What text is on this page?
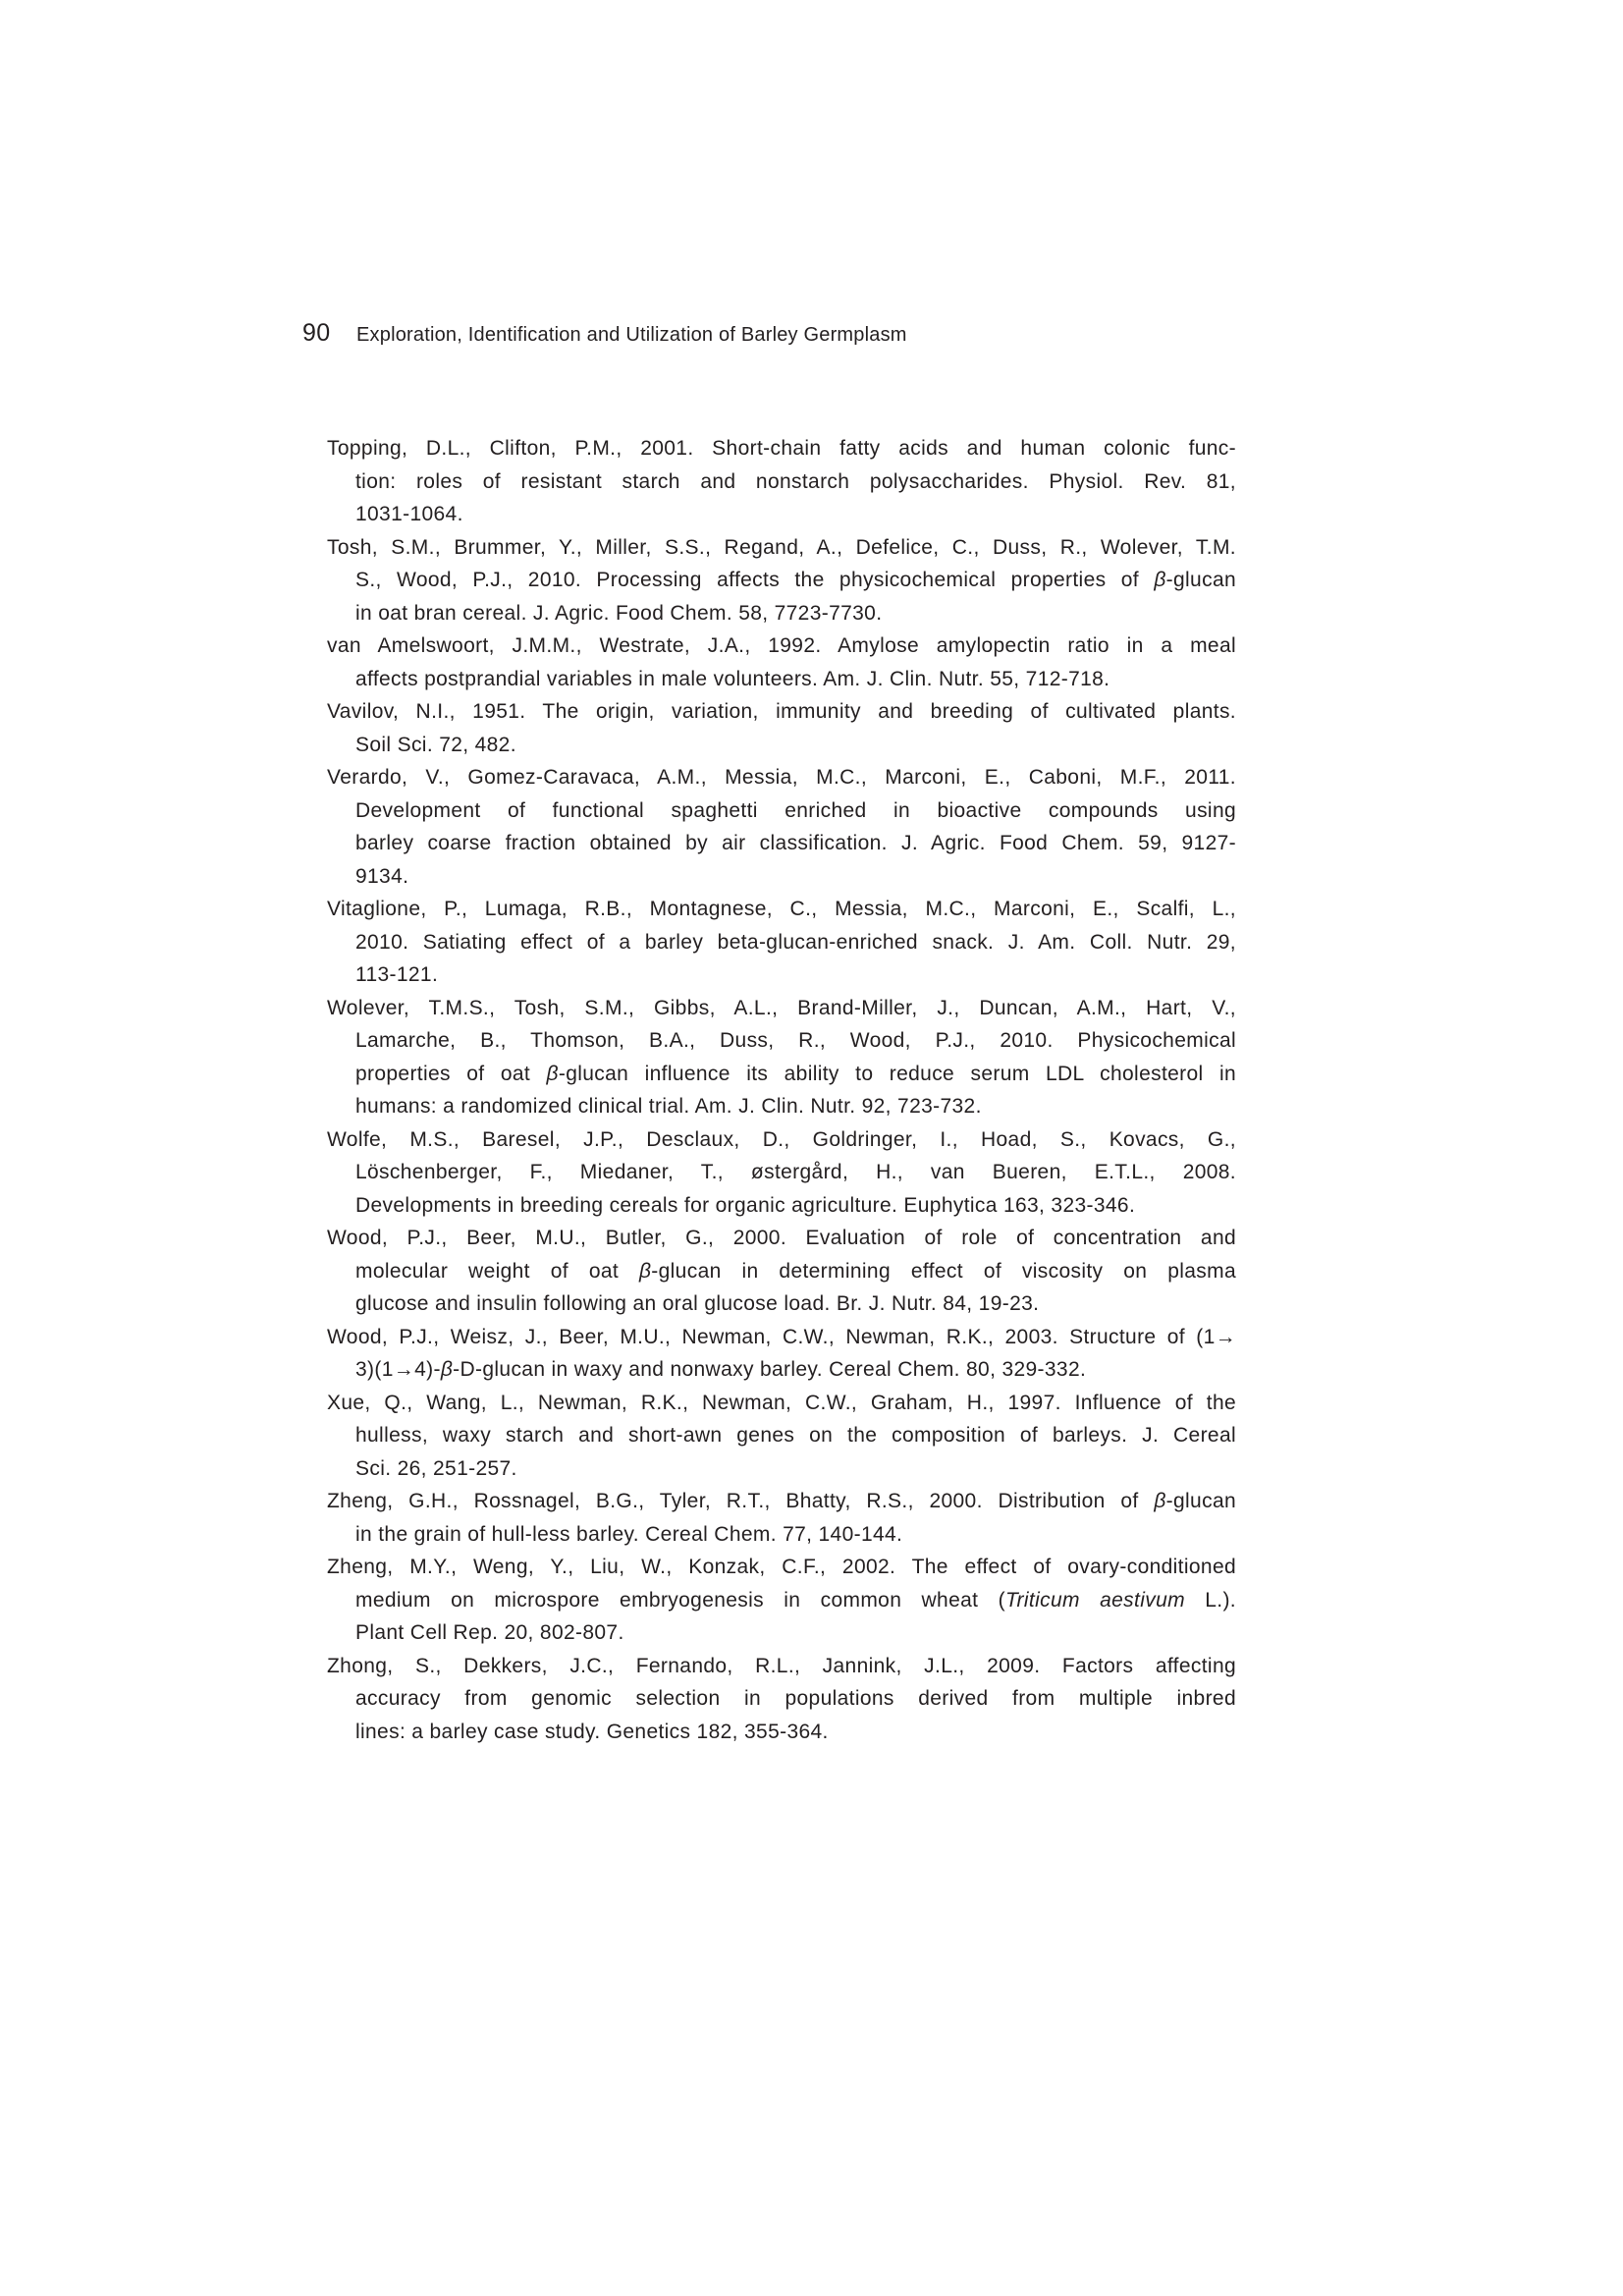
90	Exploration, Identification and Utilization of Barley Germplasm
Topping, D.L., Clifton, P.M., 2001. Short-chain fatty acids and human colonic func-
tion: roles of resistant starch and nonstarch polysaccharides. Physiol. Rev. 81,
1031-1064.
Tosh, S.M., Brummer, Y., Miller, S.S., Regand, A., Defelice, C., Duss, R., Wolever, T.M.
S., Wood, P.J., 2010. Processing affects the physicochemical properties of β-glucan
in oat bran cereal. J. Agric. Food Chem. 58, 7723-7730.
van Amelswoort, J.M.M., Westrate, J.A., 1992. Amylose amylopectin ratio in a meal
affects postprandial variables in male volunteers. Am. J. Clin. Nutr. 55, 712-718.
Vavilov, N.I., 1951. The origin, variation, immunity and breeding of cultivated plants.
Soil Sci. 72, 482.
Verardo, V., Gomez-Caravaca, A.M., Messia, M.C., Marconi, E., Caboni, M.F., 2011.
Development of functional spaghetti enriched in bioactive compounds using
barley coarse fraction obtained by air classification. J. Agric. Food Chem. 59, 9127-
9134.
Vitaglione, P., Lumaga, R.B., Montagnese, C., Messia, M.C., Marconi, E., Scalfi, L.,
2010. Satiating effect of a barley beta-glucan-enriched snack. J. Am. Coll. Nutr. 29,
113-121.
Wolever, T.M.S., Tosh, S.M., Gibbs, A.L., Brand-Miller, J., Duncan, A.M., Hart, V.,
Lamarche, B., Thomson, B.A., Duss, R., Wood, P.J., 2010. Physicochemical
properties of oat β-glucan influence its ability to reduce serum LDL cholesterol in
humans: a randomized clinical trial. Am. J. Clin. Nutr. 92, 723-732.
Wolfe, M.S., Baresel, J.P., Desclaux, D., Goldringer, I., Hoad, S., Kovacs, G.,
Löschenberger, F., Miedaner, T., østergård, H., van Bueren, E.T.L., 2008.
Developments in breeding cereals for organic agriculture. Euphytica 163, 323-346.
Wood, P.J., Beer, M.U., Butler, G., 2000. Evaluation of role of concentration and
molecular weight of oat β-glucan in determining effect of viscosity on plasma
glucose and insulin following an oral glucose load. Br. J. Nutr. 84, 19-23.
Wood, P.J., Weisz, J., Beer, M.U., Newman, C.W., Newman, R.K., 2003. Structure of (1→
3)(1→4)-β-D-glucan in waxy and nonwaxy barley. Cereal Chem. 80, 329-332.
Xue, Q., Wang, L., Newman, R.K., Newman, C.W., Graham, H., 1997. Influence of the
hulless, waxy starch and short-awn genes on the composition of barleys. J. Cereal
Sci. 26, 251-257.
Zheng, G.H., Rossnagel, B.G., Tyler, R.T., Bhatty, R.S., 2000. Distribution of β-glucan
in the grain of hull-less barley. Cereal Chem. 77, 140-144.
Zheng, M.Y., Weng, Y., Liu, W., Konzak, C.F., 2002. The effect of ovary-conditioned
medium on microspore embryogenesis in common wheat (Triticum aestivum L.).
Plant Cell Rep. 20, 802-807.
Zhong, S., Dekkers, J.C., Fernando, R.L., Jannink, J.L., 2009. Factors affecting
accuracy from genomic selection in populations derived from multiple inbred
lines: a barley case study. Genetics 182, 355-364.
